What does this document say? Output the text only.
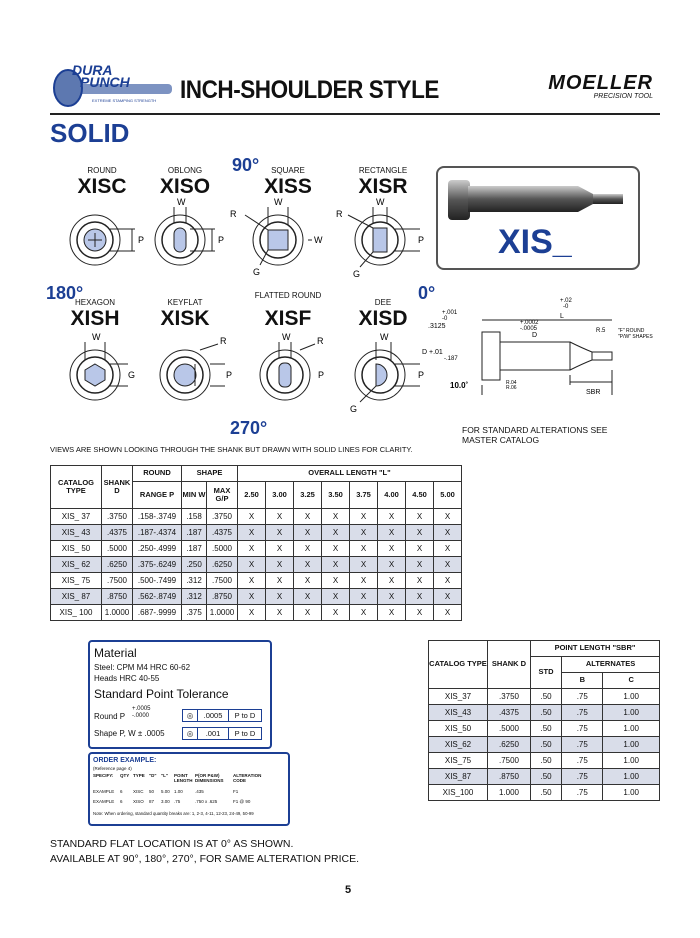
DURA
PUNCH
EXTREME STAMPING STRENGTH INCH-SHOULDER STYLE	MOELLER
PRECISION TOOL
SOLID
90°
180°	0°
270°
ROUND
XISC
OBLONG
XISO
SQUARE
XISS
RECTANGLE
XISR
P	P
W	W
R
W
G
W
R
P
G
XIS_
HEXAGON
XISH
KEYFLAT
XISK
FLATTED ROUND
XISF
DEE
XISD
W
G
R
P
R
W
P
W
P
G
+.02
-0
L
+.001
-0
.3125	+.0002
-.0005
D
R.5	"F" ROUND
"P/W" SHAPES
D +.01
-.187
10.0˚	R.04
R.06
SBR
FOR STANDARD ALTERATIONS SEE MASTER CATALOG
VIEWS ARE SHOWN LOOKING THROUGH THE SHANK BUT DRAWN WITH SOLID LINES FOR CLARITY.
CATALOG TYPE	SHANK D	ROUND	SHAPE		OVERALL LENGTH "L"							
		RANGE P	MIN W	MAX G/P	2.50	3.00	3.25	3.50	3.75	4.00	4.50	5.00
XIS_ 37	.3750	.158-.3749	.158	.3750	X	X	X	X	X	X	X	X
XIS_ 43	.4375	.187-.4374	.187	.4375	X	X	X	X	X	X	X	X
XIS_ 50	.5000	.250-.4999	.187	.5000	X	X	X	X	X	X	X	X
XIS_ 62	.6250	.375-.6249	.250	.6250	X	X	X	X	X	X	X	X
XIS_ 75	.7500	.500-.7499	.312	.7500	X	X	X	X	X	X	X	X
XIS_ 87	.8750	.562-.8749	.312	.8750	X	X	X	X	X	X	X	X
XIS_ 100	1.0000	.687-.9999	.375	1.0000	X	X	X	X	X	X	X	X
Material
Steel: CPM M4 HRC 60-62
Heads HRC 40-55
Standard Point Tolerance
Round P
+.0005
-.0000	◎	.0005	P to D
Shape P, W ± .0005	◎	.001	P to D
ORDER EXAMPLE:
(Reference page 4)
SPECIFY:	QTY TYPE "D" "L"	POINT LENGTH
P(OR P&W) DIMENSIONS
ALTERATION CODE
EXAMPLE	6	XISC	50	5.00 1.00	.435	F1
EXAMPLE	6	XISO	87	3.00 .75	.750 x .625	F1 @ 90
Note: When ordering, standard quantity breaks are: 1, 2-3, 4-11, 12-23, 24-49, 50-99
CATALOG TYPE	SHANK D	POINT LENGTH "SBR"		
		STD	ALTERNATES	
			B	C
XIS_37	.3750	.50	.75	1.00
XIS_43	.4375	.50	.75	1.00
XIS_50	.5000	.50	.75	1.00
XIS_62	.6250	.50	.75	1.00
XIS_75	.7500	.50	.75	1.00
XIS_87	.8750	.50	.75	1.00
XIS_100	1.000	.50	.75	1.00
STANDARD FLAT LOCATION IS AT 0° AS SHOWN.
AVAILABLE AT 90°, 180°, 270°, FOR SAME ALTERATION PRICE.
5
